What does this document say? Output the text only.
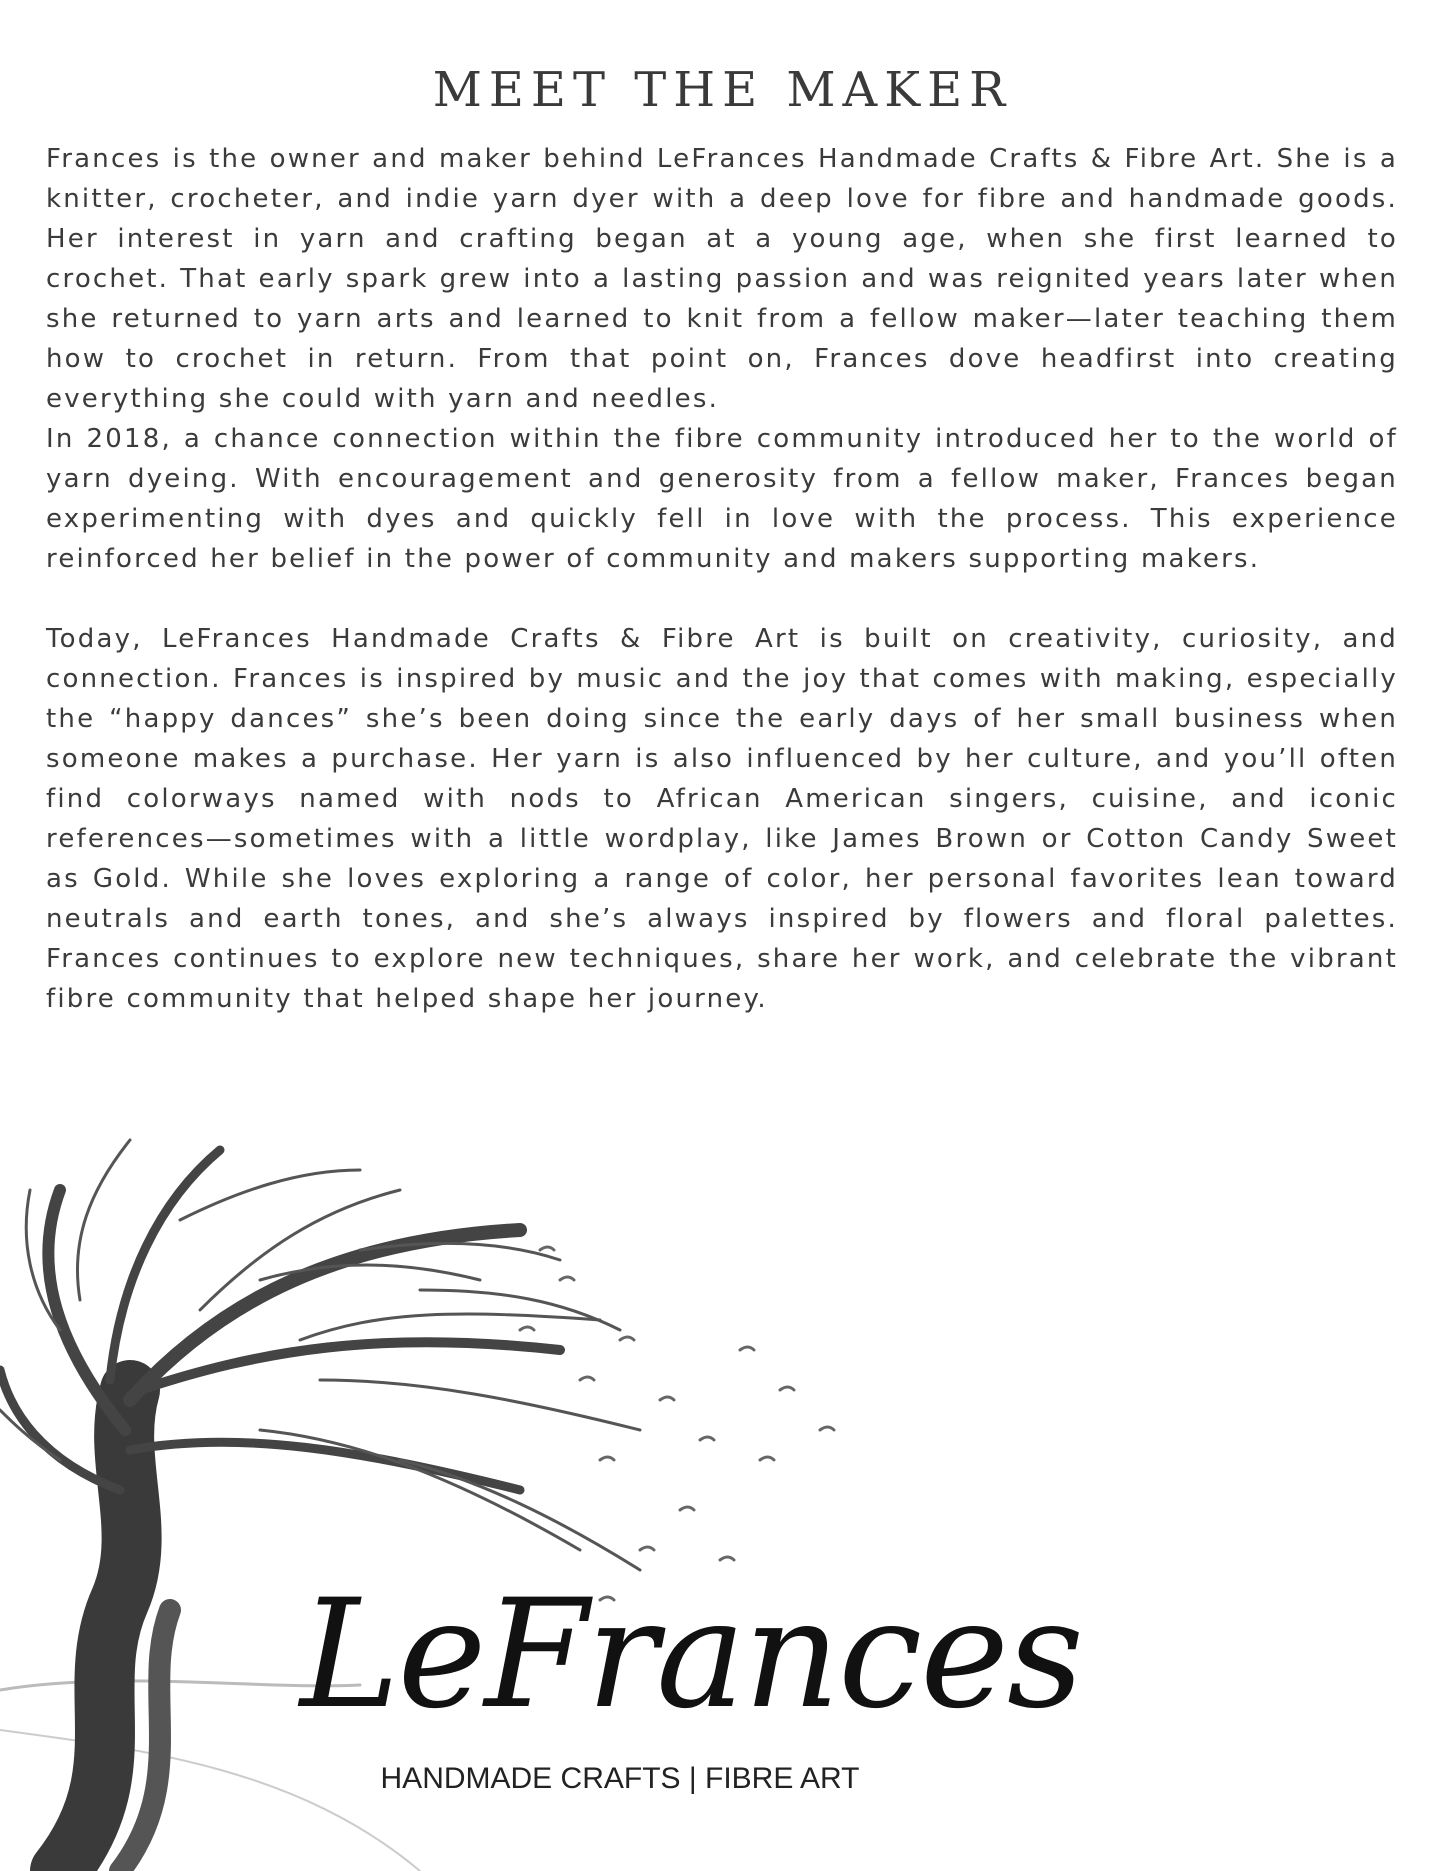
MEET THE MAKER

Frances is the owner and maker behind LeFrances Handmade Crafts & Fibre Art. She is a knitter, crocheter, and indie yarn dyer with a deep love for fibre and handmade goods. Her interest in yarn and crafting began at a young age, when she first learned to crochet. That early spark grew into a lasting passion and was reignited years later when she returned to yarn arts and learned to knit from a fellow maker—later teaching them how to crochet in return. From that point on, Frances dove headfirst into creating everything she could with yarn and needles.

In 2018, a chance connection within the fibre community introduced her to the world of yarn dyeing. With encouragement and generosity from a fellow maker, Frances began experimenting with dyes and quickly fell in love with the process. This experience reinforced her belief in the power of community and makers supporting makers.

Today, LeFrances Handmade Crafts & Fibre Art is built on creativity, curiosity, and connection. Frances is inspired by music and the joy that comes with making, especially the “happy dances” she’s been doing since the early days of her small business when someone makes a purchase. Her yarn is also influenced by her culture, and you’ll often find colorways named with nods to African American singers, cuisine, and iconic references—sometimes with a little wordplay, like James Brown or Cotton Candy Sweet as Gold. While she loves exploring a range of color, her personal favorites lean toward neutrals and earth tones, and she’s always inspired by flowers and floral palettes. Frances continues to explore new techniques, share her work, and celebrate the vibrant fibre community that helped shape her journey.

LeFrances
HANDMADE CRAFTS | FIBRE ART
